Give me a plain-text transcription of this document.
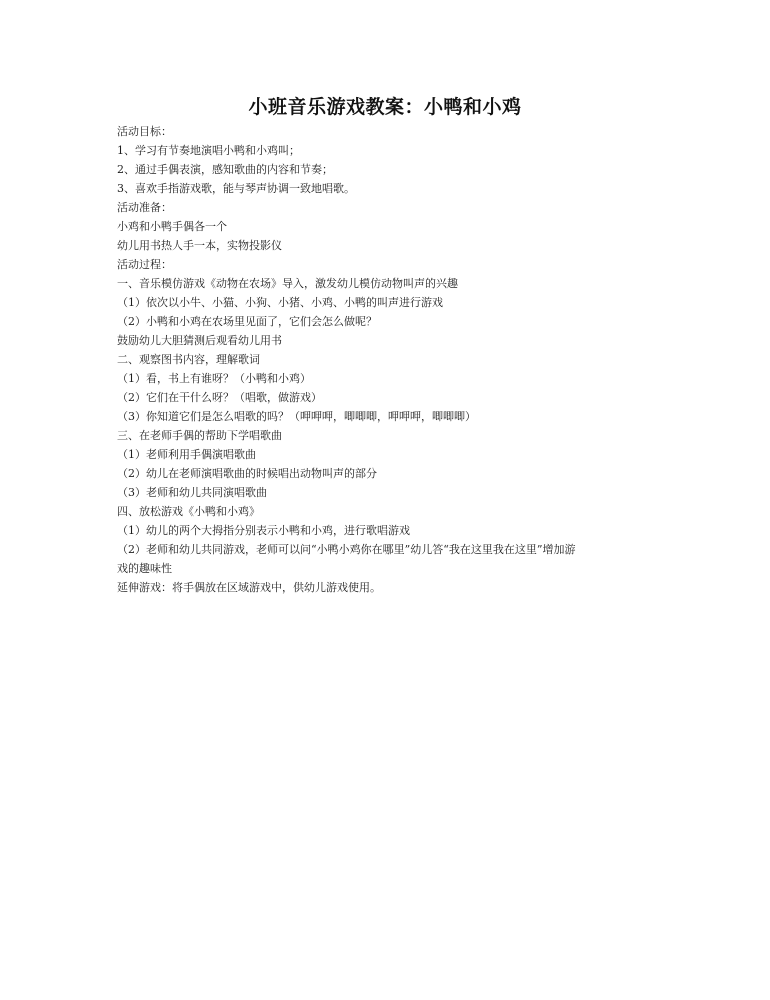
小班音乐游戏教案：小鸭和小鸡
活动目标：
1、学习有节奏地演唱小鸭和小鸡叫；
2、通过手偶表演，感知歌曲的内容和节奏；
3、喜欢手指游戏歌，能与琴声协调一致地唱歌。
活动准备：
小鸡和小鸭手偶各一个
幼儿用书热人手一本，实物投影仪
活动过程：
一、音乐模仿游戏《动物在农场》导入，激发幼儿模仿动物叫声的兴趣
（1）依次以小牛、小猫、小狗、小猪、小鸡、小鸭的叫声进行游戏
（2）小鸭和小鸡在农场里见面了，它们会怎么做呢？
鼓励幼儿大胆猜测后观看幼儿用书
二、观察图书内容，理解歌词
（1）看，书上有谁呀？（小鸭和小鸡）
（2）它们在干什么呀？（唱歌，做游戏）
（3）你知道它们是怎么唱歌的吗？（呷呷呷，唧唧唧，呷呷呷，唧唧唧）
三、在老师手偶的帮助下学唱歌曲
（1）老师利用手偶演唱歌曲
（2）幼儿在老师演唱歌曲的时候唱出动物叫声的部分
（3）老师和幼儿共同演唱歌曲
四、放松游戏《小鸭和小鸡》
（1）幼儿的两个大拇指分别表示小鸭和小鸡，进行歌唱游戏
（2）老师和幼儿共同游戏，老师可以问“小鸭小鸡你在哪里”幼儿答“我在这里我在这里”增加游
戏的趣味性
延伸游戏：将手偶放在区域游戏中，供幼儿游戏使用。
